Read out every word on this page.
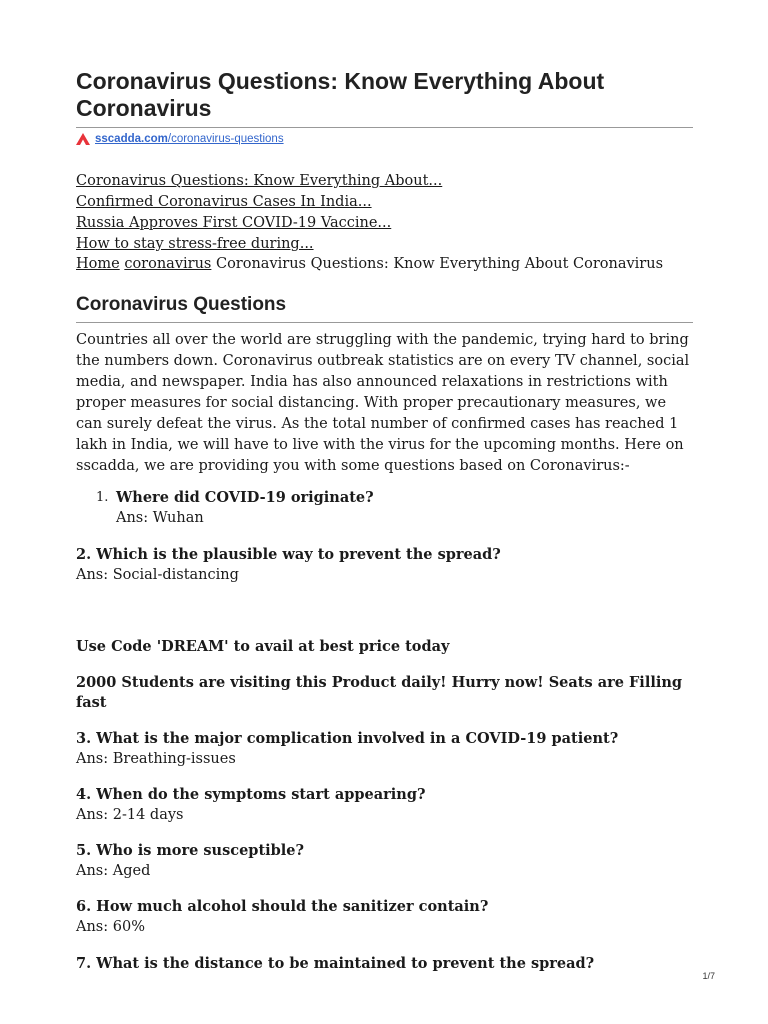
Coronavirus Questions: Know Everything About Coronavirus
sscadda.com /coronavirus-questions
Coronavirus Questions: Know Everything About...
Confirmed Coronavirus Cases In India...
Russia Approves First COVID-19 Vaccine...
How to stay stress-free during...
Home coronavirus Coronavirus Questions: Know Everything About Coronavirus
Coronavirus Questions

Countries all over the world are struggling with the pandemic, trying hard to bring the numbers down. Coronavirus outbreak statistics are on every TV channel, social media, and newspaper. India has also announced relaxations in restrictions with proper measures for social distancing. With proper precautionary measures, we can surely defeat the virus. As the total number of confirmed cases has reached 1 lakh in India, we will have to live with the virus for the upcoming months. Here on sscadda, we are providing you with some questions based on Coronavirus:-

1. Where did COVID-19 originate?
Ans: Wuhan
2. Which is the plausible way to prevent the spread?
Ans: Social-distancing

Use Code 'DREAM' to avail at best price today

2000 Students are visiting this Product daily! Hurry now! Seats are Filling fast

3. What is the major complication involved in a COVID-19 patient?
Ans: Breathing-issues
4. When do the symptoms start appearing?
Ans: 2-14 days
5. Who is more susceptible?
Ans: Aged
6. How much alcohol should the sanitizer contain?
Ans: 60%
7. What is the distance to be maintained to prevent the spread?
1/7
